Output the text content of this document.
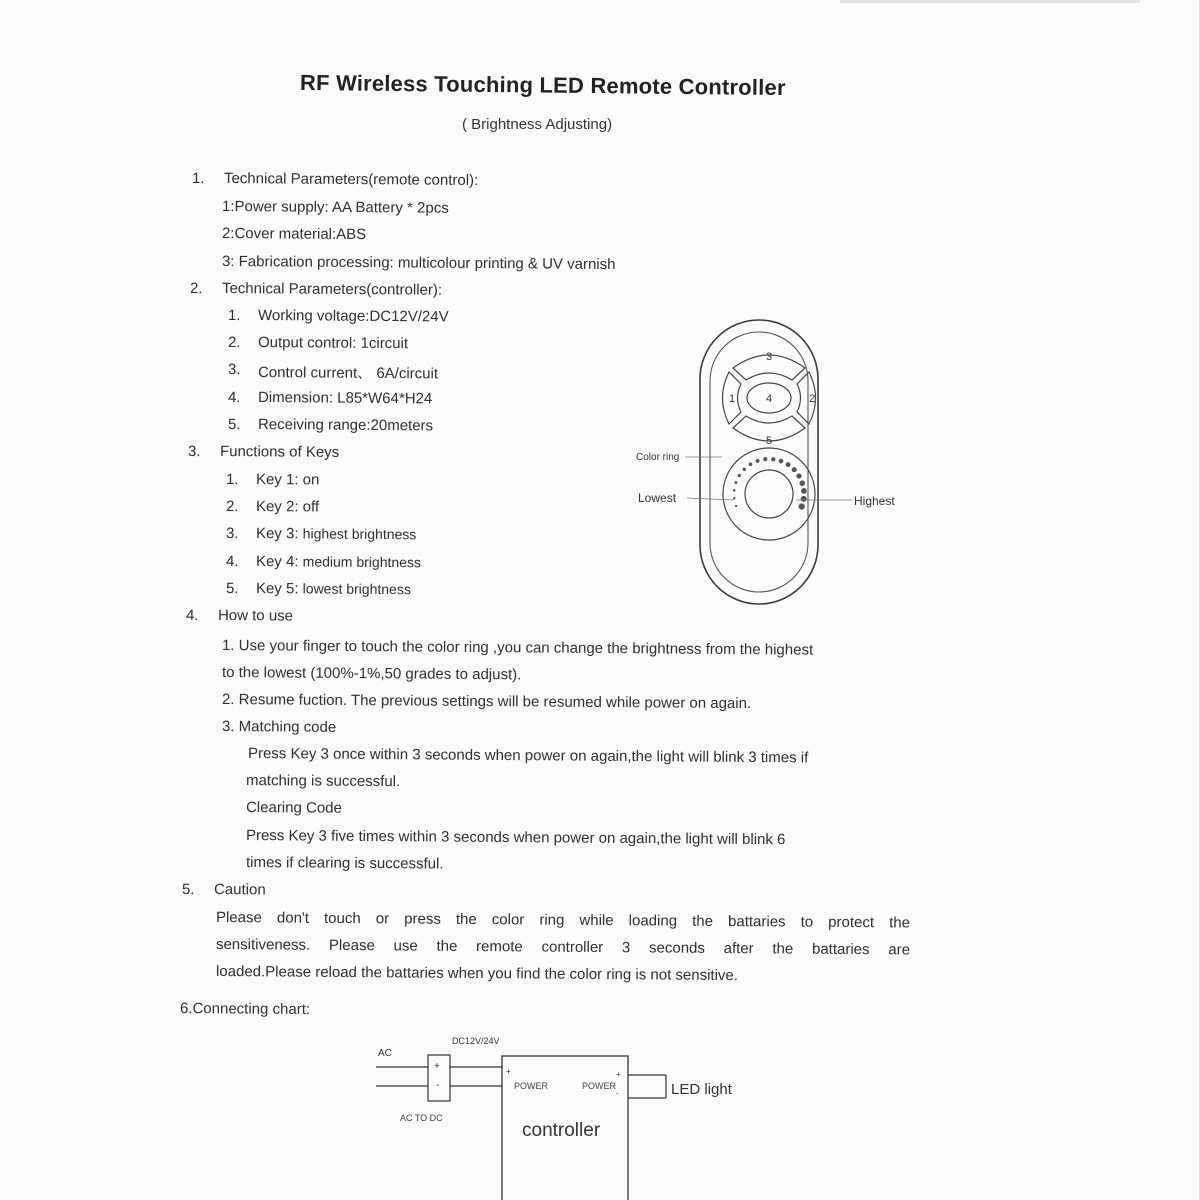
RF Wireless Touching LED Remote Controller
( Brightness Adjusting)
1. Technical Parameters(remote control):
1:Power supply: AA Battery * 2pcs
2:Cover material:ABS
3: Fabrication processing: multicolour printing & UV varnish
2. Technical Parameters(controller):
1. Working voltage:DC12V/24V
2. Output control: 1circuit
3. Control current、 6A/circuit
4. Dimension: L85*W64*H24
5. Receiving range:20meters
3. Functions of Keys
1. Key 1: on
2. Key 2: off
3. Key 3: highest brightness
4. Key 4: medium brightness
5. Key 5: lowest brightness
4. How to use
1. Use your finger to touch the color ring ,you can change the brightness from the highest
to the lowest (100%-1%,50 grades to adjust).
2. Resume fuction. The previous settings will be resumed while power on again.
3. Matching code
Press Key 3 once within 3 seconds when power on again,the light will blink 3 times if
matching is successful.
Clearing Code
Press Key 3 five times within 3 seconds when power on again,the light will blink 6
times if clearing is successful.
5. Caution
Please don't touch or press the color ring while loading the battaries to protect the
sensitiveness. Please use the remote controller 3 seconds after the battaries are
loaded.Please reload the battaries when you find the color ring is not sensitive.
6.Connecting chart:
3
1	4	2
5
Color ring
Lowest	Highest
AC
+
-
AC TO DC
DC12V/24V
+
POWER	POWER
+
-
controller
LED light
